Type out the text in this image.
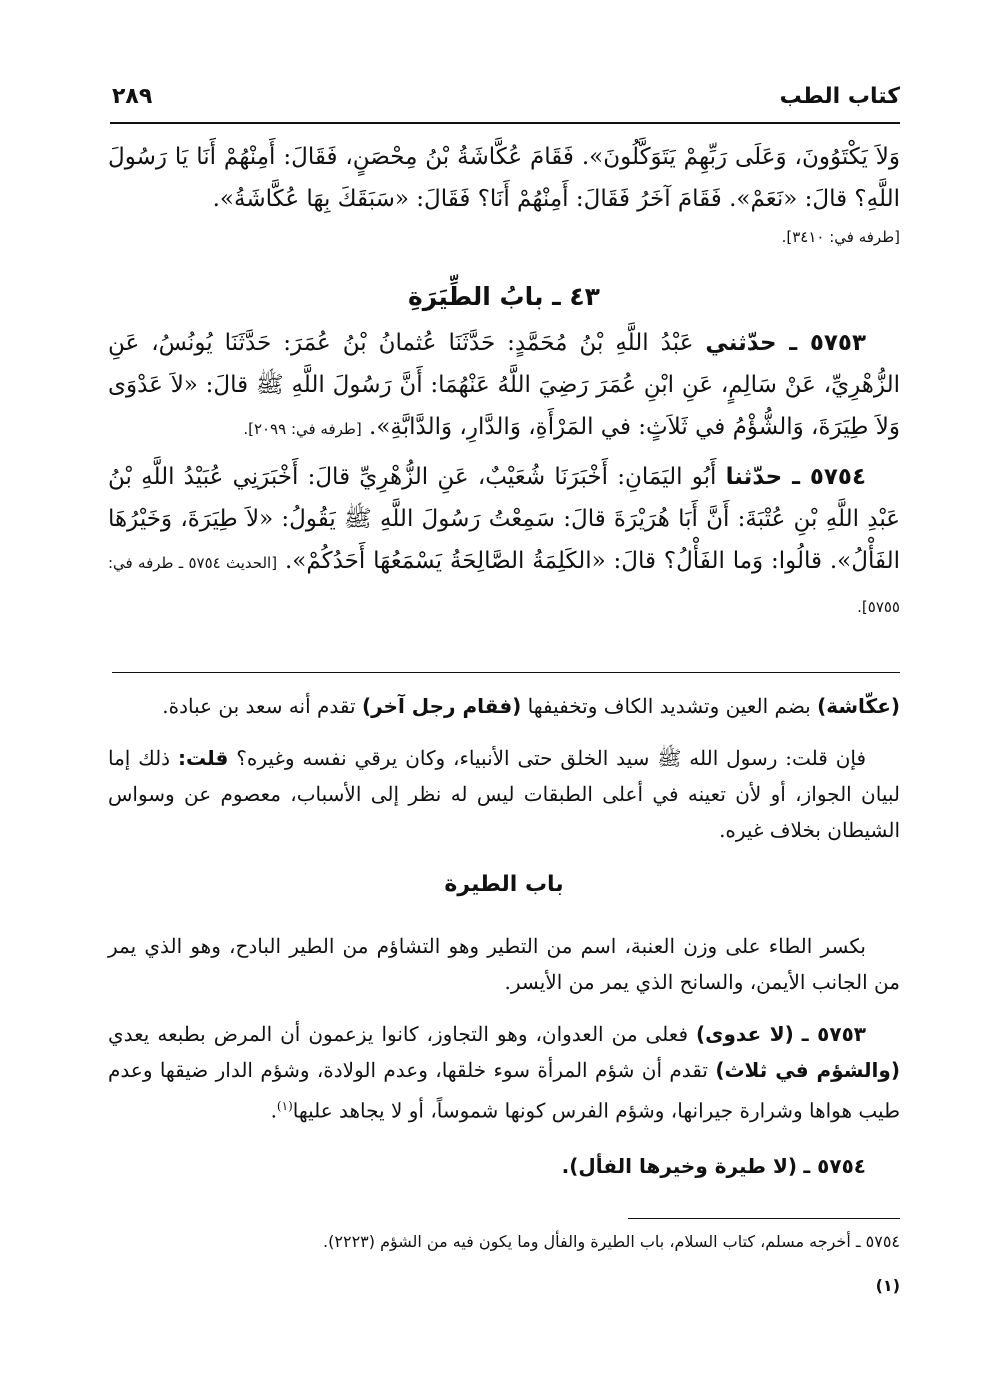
كتاب الطب
٢٨٩
وَلاَ يَكْتَوُونَ، وَعَلَى رَبِّهِمْ يَتَوَكَّلُونَ». فَقَامَ عُكَّاشَةُ بْنُ مِحْصَنٍ، فَقَالَ: أَمِنْهُمْ أَنَا يَا رَسُولَ اللَّهِ؟ قالَ: «نَعَمْ». فَقَامَ آخَرُ فَقَالَ: أَمِنْهُمْ أَنَا؟ فَقَالَ: «سَبَقَكَ بِهَا عُكَّاشَةُ».
[طرفه في: ٣٤١٠].
٤٣ ـ بابُ الطِّيَرَةِ
٥٧٥٣ ـ حدّثني عَبْدُ اللَّهِ بْنُ مُحَمَّدٍ: حَدَّثَنَا عُثمانُ بْنُ عُمَرَ: حَدَّثَنَا يُونُسُ، عَنِ الزُّهْرِيِّ، عَنْ سَالِمٍ، عَنِ ابْنِ عُمَرَ رَضِيَ اللَّهُ عَنْهُمَا: أَنَّ رَسُولَ اللَّهِ ﷺ قالَ: «لاَ عَدْوَى وَلاَ طِيَرَةَ، وَالشُّؤْمُ في ثَلاَثٍ: في المَرْأَةِ، وَالدَّارِ، وَالدَّابَّةِ». [طرفه في: ٢٠٩٩].
٥٧٥٤ ـ حدّثنا أَبُو اليَمَانِ: أَخْبَرَنَا شُعَيْبٌ، عَنِ الزُّهْرِيِّ قالَ: أَخْبَرَنِي عُبَيْدُ اللَّهِ بْنُ عَبْدِ اللَّهِ بْنِ عُتْبَةَ: أَنَّ أَبَا هُرَيْرَةَ قالَ: سَمِعْتُ رَسُولَ اللَّهِ ﷺ يَقُولُ: «لاَ طِيَرَةَ، وَخَيْرُهَا الفَأْلُ». قالُوا: وَما الفَأْلُ؟ قالَ: «الكَلِمَةُ الصَّالِحَةُ يَسْمَعُهَا أَحَدُكُمْ». [الحديث ٥٧٥٤ ـ طرفه في: ٥٧٥٥].
(عكّاشة) بضم العين وتشديد الكاف وتخفيفها (فقام رجل آخر) تقدم أنه سعد بن عبادة.
فإن قلت: رسول الله ﷺ سيد الخلق حتى الأنبياء، وكان يرقي نفسه وغيره؟ قلت: ذلك إما لبيان الجواز، أو لأن تعينه في أعلى الطبقات ليس له نظر إلى الأسباب، معصوم عن وسواس الشيطان بخلاف غيره.
باب الطيرة
بكسر الطاء على وزن العنبة، اسم من التطير وهو التشاؤم من الطير البادح، وهو الذي يمر من الجانب الأيمن، والسانح الذي يمر من الأيسر.
٥٧٥٣ ـ (لا عدوى) فعلى من العدوان، وهو التجاوز، كانوا يزعمون أن المرض بطبعه يعدي (والشؤم في ثلاث) تقدم أن شؤم المرأة سوء خلقها، وعدم الولادة، وشؤم الدار ضيقها وعدم طيب هواها وشرارة جيرانها، وشؤم الفرس كونها شموساً، أو لا يجاهد عليها$^{(١)}$.
٥٧٥٤ ـ (لا طيرة وخيرها الفأل).
٥٧٥٤ ـ أخرجه مسلم، كتاب السلام، باب الطيرة والفأل وما يكون فيه من الشؤم (٢٢٢٣).
(١)
